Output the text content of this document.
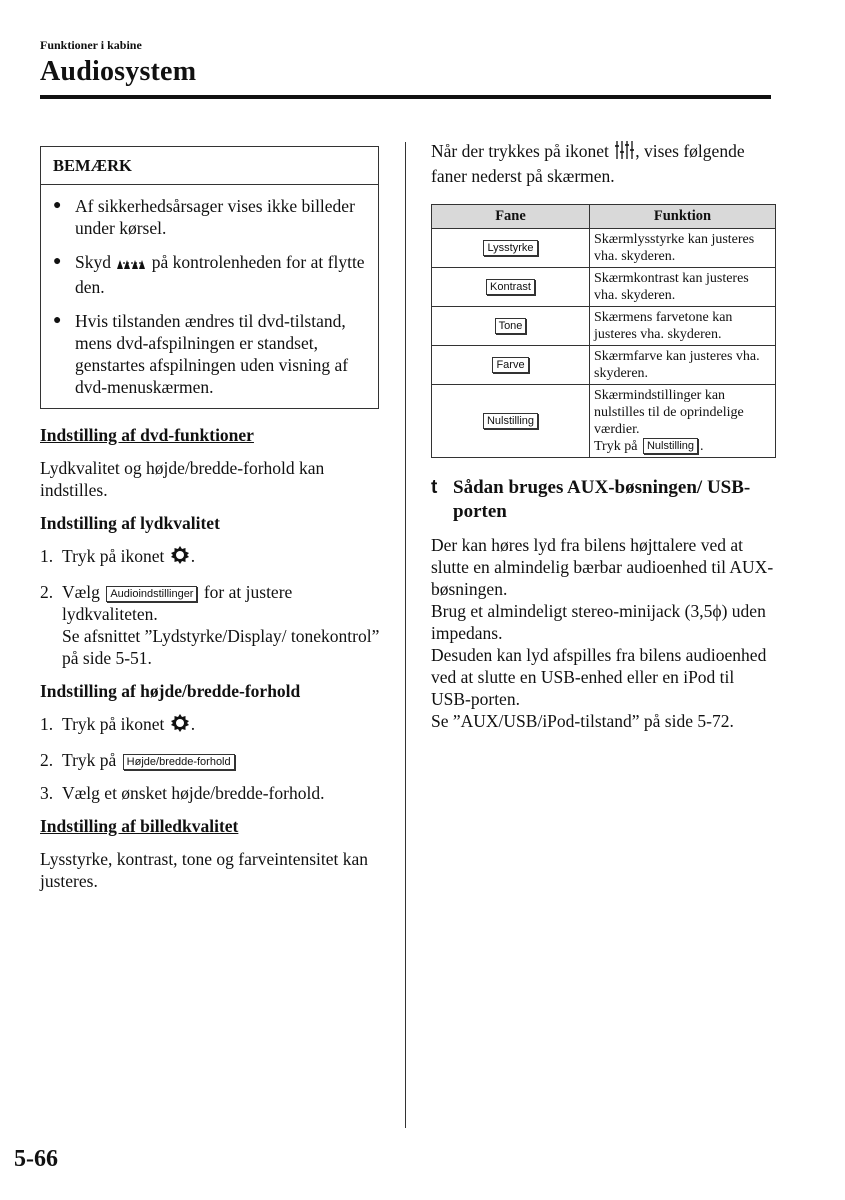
Funktioner i kabine
Audiosystem
BEMÆRK
● Af sikkerhedsårsager vises ikke billeder under kørsel.
● Skyd på kontrolenheden for at flytte den.
● Hvis tilstanden ændres til dvd-tilstand, mens dvd-afspilningen er standset, genstartes afspilningen uden visning af dvd-menuskærmen.
Indstilling af dvd-funktioner
Lydkvalitet og højde/bredde-forhold kan indstilles.
Indstilling af lydkvalitet
1. Tryk på ikonet .
2. Vælg Audioindstillinger for at justere lydkvaliteten.
Se afsnittet ”Lydstyrke/Display/ tonekontrol” på side 5-51.
Indstilling af højde/bredde-forhold
1. Tryk på ikonet .
2. Tryk på Højde/bredde-forhold
3. Vælg et ønsket højde/bredde-forhold.
Indstilling af billedkvalitet
Lysstyrke, kontrast, tone og farveintensitet kan justeres.
Når der trykkes på ikonet , vises følgende faner nederst på skærmen.
Fane	Funktion
Lysstyrke	Skærmlysstyrke kan justeres vha. skyderen.
Kontrast	Skærmkontrast kan justeres vha. skyderen.
Tone	Skærmens farvetone kan justeres vha. skyderen.
Farve	Skærmfarve kan justeres vha. skyderen.
Nulstilling	Skærmindstillinger kan nulstilles til de oprindelige værdier.
Tryk på Nulstilling .
t Sådan bruges AUX-bøsningen/ USB-porten
Der kan høres lyd fra bilens højttalere ved at slutte en almindelig bærbar audioenhed til AUX-bøsningen.
Brug et almindeligt stereo-minijack (3,5ϕ) uden impedans.
Desuden kan lyd afspilles fra bilens audioenhed ved at slutte en USB-enhed eller en iPod til USB-porten.
Se ”AUX/USB/iPod-tilstand” på side 5-72.
5-66
